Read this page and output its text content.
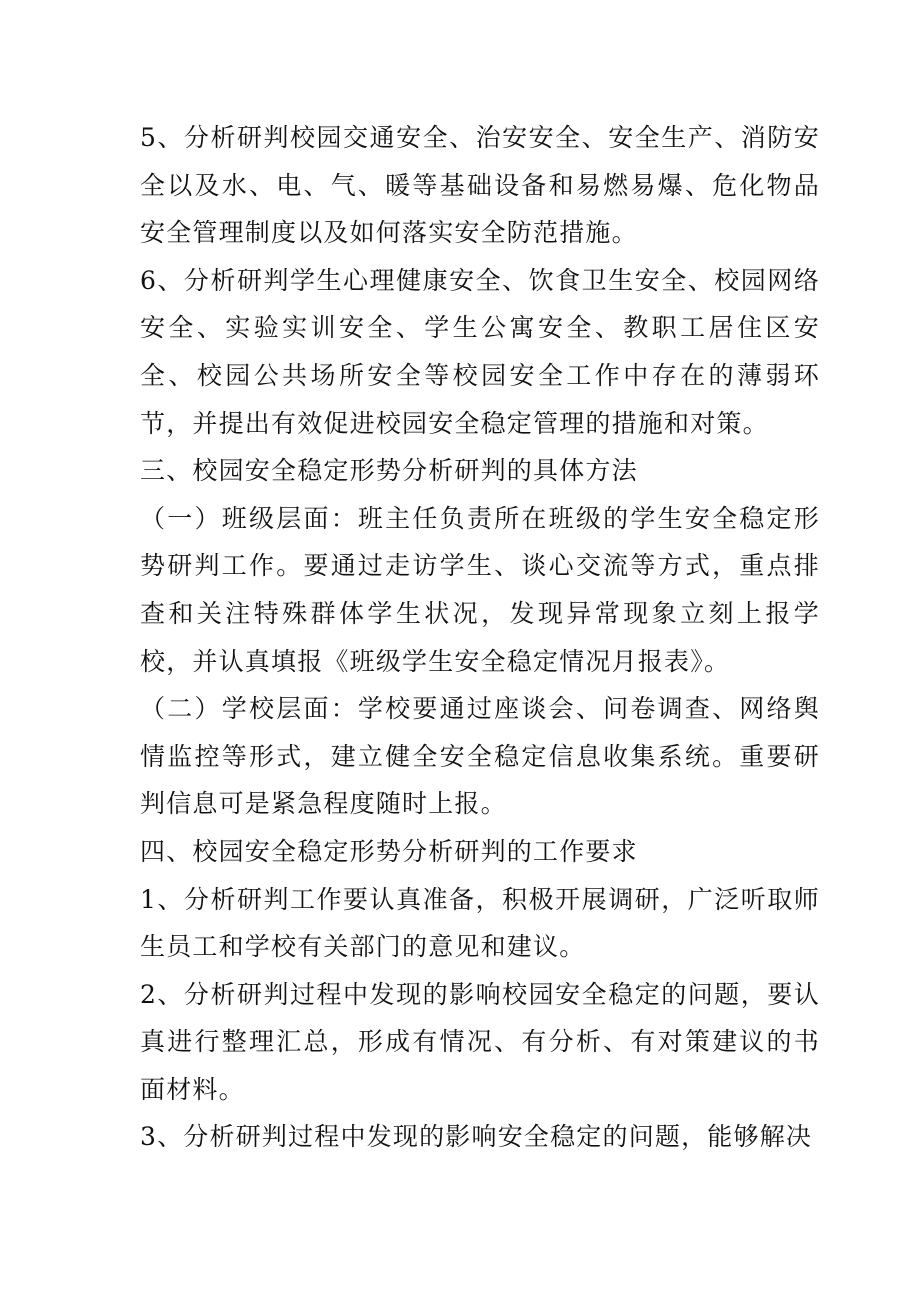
5、分析研判校园交通安全、治安安全、安全生产、消防安全以及水、电、气、暖等基础设备和易燃易爆、危化物品安全管理制度以及如何落实安全防范措施。

6、分析研判学生心理健康安全、饮食卫生安全、校园网络安全、实验实训安全、学生公寓安全、教职工居住区安全、校园公共场所安全等校园安全工作中存在的薄弱环节，并提出有效促进校园安全稳定管理的措施和对策。

三、校园安全稳定形势分析研判的具体方法

（一）班级层面：班主任负责所在班级的学生安全稳定形势研判工作。要通过走访学生、谈心交流等方式，重点排查和关注特殊群体学生状况，发现异常现象立刻上报学校，并认真填报《班级学生安全稳定情况月报表》。

（二）学校层面：学校要通过座谈会、问卷调查、网络舆情监控等形式，建立健全安全稳定信息收集系统。重要研判信息可是紧急程度随时上报。

四、校园安全稳定形势分析研判的工作要求

1、分析研判工作要认真准备，积极开展调研，广泛听取师生员工和学校有关部门的意见和建议。

2、分析研判过程中发现的影响校园安全稳定的问题，要认真进行整理汇总，形成有情况、有分析、有对策建议的书面材料。

3、分析研判过程中发现的影响安全稳定的问题，能够解决
